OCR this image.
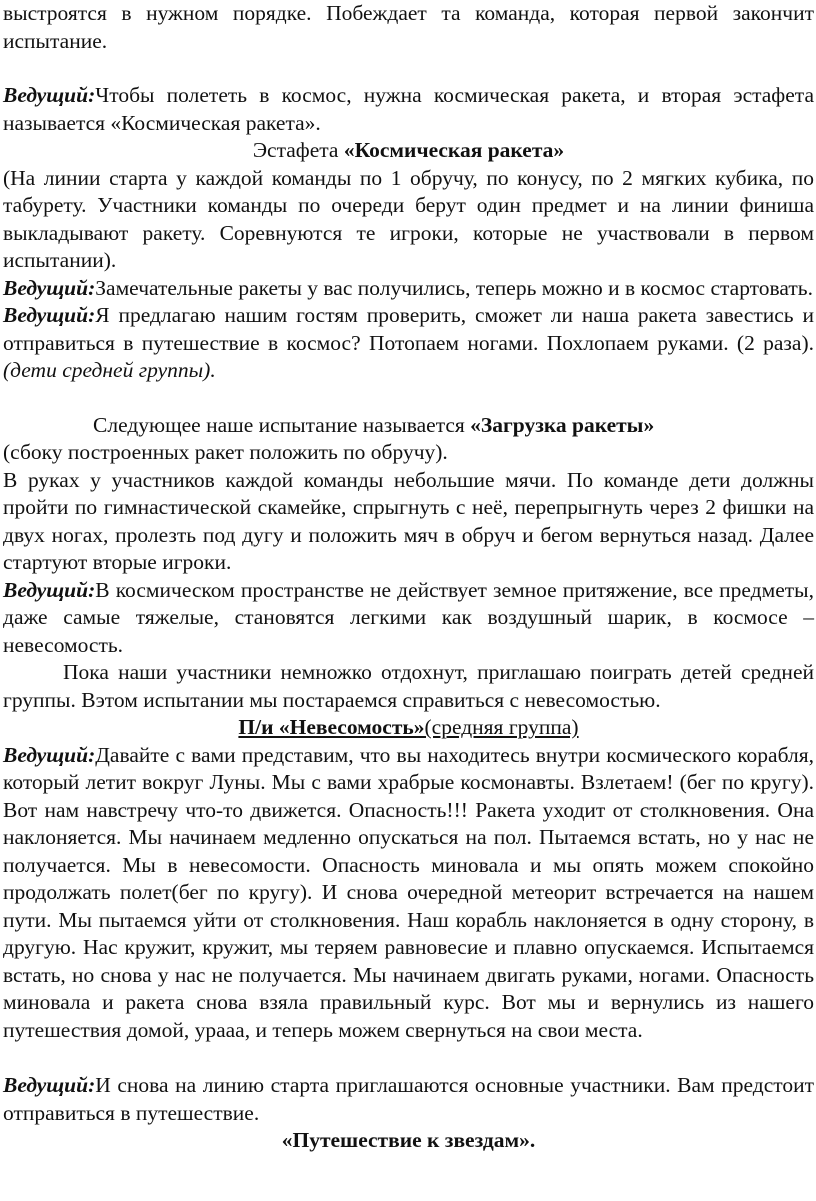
выстроятся в нужном порядке. Побеждает та команда, которая первой закончит испытание.

Ведущий:Чтобы полететь в космос, нужна космическая ракета, и вторая эстафета называется «Космическая ракета».

Эстафета «Космическая ракета»

(На линии старта у каждой команды по 1 обручу, по конусу, по 2 мягких кубика, по табурету. Участники команды по очереди берут один предмет и на линии финиша выкладывают ракету. Соревнуются те игроки, которые не участвовали в первом испытании).

Ведущий:Замечательные ракеты у вас получились, теперь можно и в космос стартовать.

Ведущий:Я предлагаю нашим гостям проверить, сможет ли наша ракета завестись и отправиться в путешествие в космос? Потопаем ногами. Похлопаем руками. (2 раза). (дети средней группы).

Следующее наше испытание называется «Загрузка ракеты»

(сбоку построенных ракет положить по обручу).

В руках у участников каждой команды небольшие мячи. По команде дети должны пройти по гимнастической скамейке, спрыгнуть с неё, перепрыгнуть через 2 фишки на двух ногах, пролезть под дугу и положить мяч в обруч и бегом вернуться назад. Далее стартуют вторые игроки.

Ведущий:В космическом пространстве не действует земное притяжение, все предметы, даже самые тяжелые, становятся легкими как воздушный шарик, в космосе – невесомость.

Пока наши участники немножко отдохнут, приглашаю поиграть детей средней группы. Вэтом испытании мы постараемся справиться с невесомостью.

П/и «Невесомость»(средняя группа)

Ведущий:Давайте с вами представим, что вы находитесь внутри космического корабля, который летит вокруг Луны. Мы с вами храбрые космонавты. Взлетаем! (бег по кругу). Вот нам навстречу что-то движется. Опасность!!! Ракета уходит от столкновения. Она наклоняется. Мы начинаем медленно опускаться на пол. Пытаемся встать, но у нас не получается. Мы в невесомости. Опасность миновала и мы опять можем спокойно продолжать полет(бег по кругу). И снова очередной метеорит встречается на нашем пути. Мы пытаемся уйти от столкновения. Наш корабль наклоняется в одну сторону, в другую. Нас кружит, кружит, мы теряем равновесие и плавно опускаемся. Испытаемся встать, но снова у нас не получается. Мы начинаем двигать руками, ногами. Опасность миновала и ракета снова взяла правильный курс. Вот мы и вернулись из нашего путешествия домой, урааа, и теперь можем свернуться на свои места.

Ведущий:И снова на линию старта приглашаются основные участники. Вам предстоит отправиться в путешествие.

«Путешествие к звездам».
